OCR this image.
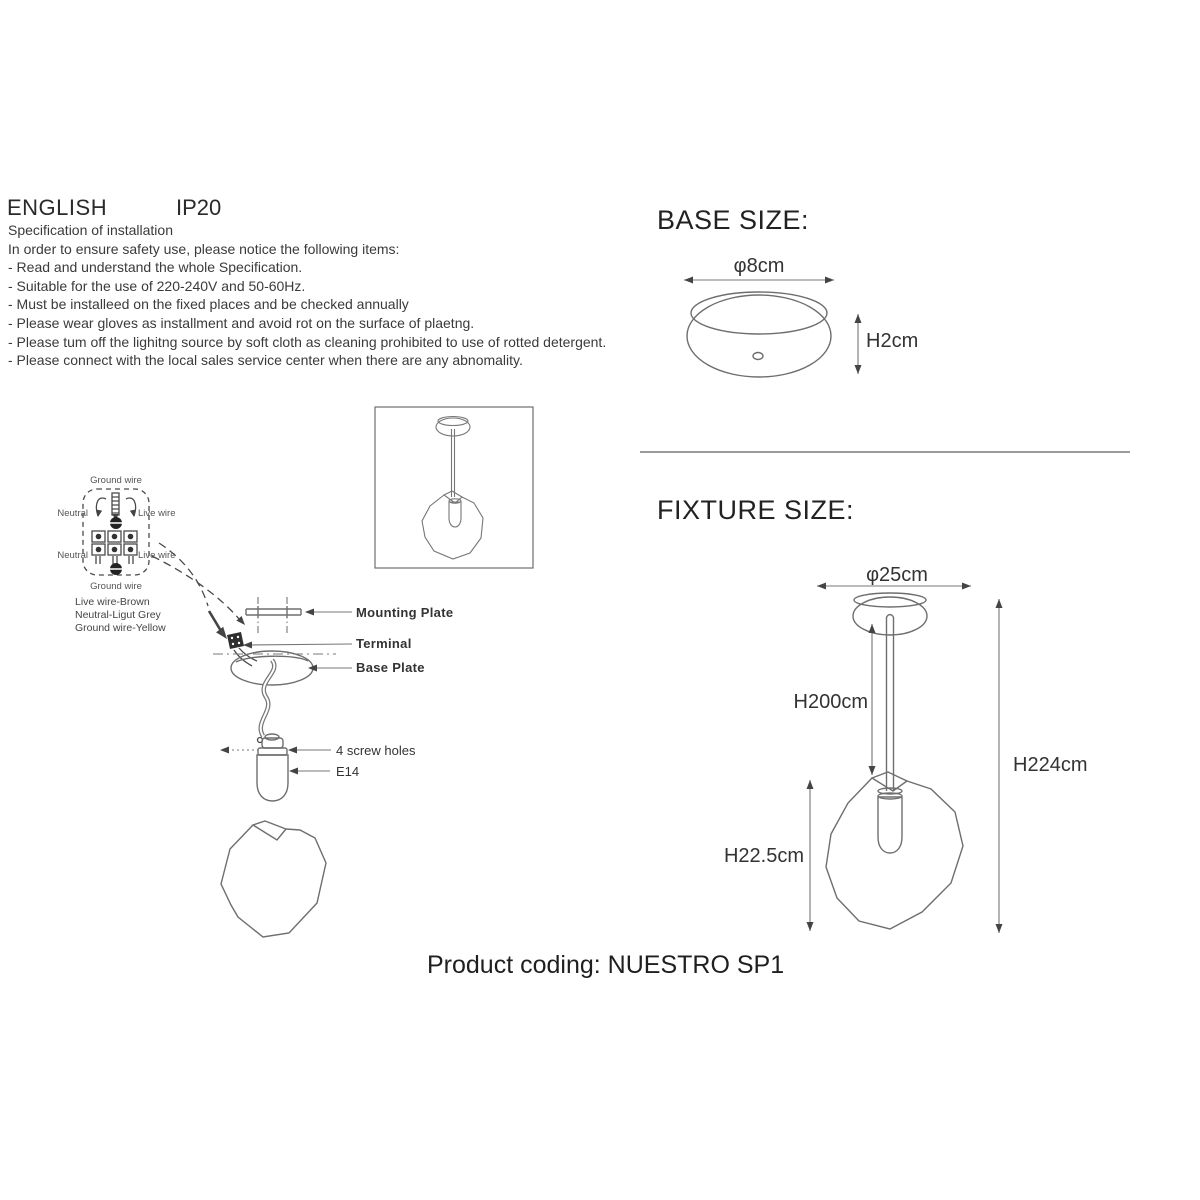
ENGLISH	IP20
Specification of installation
In order to ensure safety use, please notice the following items:
- Read and understand the whole Specification.
- Suitable for the use of 220-240V and 50-60Hz.
- Must be installeed on the fixed places and be checked annually
- Please wear gloves as installment and avoid rot on the surface of plaetng.
- Please tum off the lighitng source by soft cloth as cleaning prohibited to use of rotted detergent.
- Please connect with the local sales service center when there are any abnomality.
BASE SIZE:
FIXTURE SIZE:
Product coding: NUESTRO SP1
Ground wire
Neutral	Live wire
Neutral	Live wire
Ground wire
Live wire-Brown
Neutral-Ligut Grey
Ground wire-Yellow
Mounting Plate
Terminal
Base Plate
4 screw holes
E14
φ8cm
H2cm
φ25cm
H200cm
H22.5cm
H224cm
